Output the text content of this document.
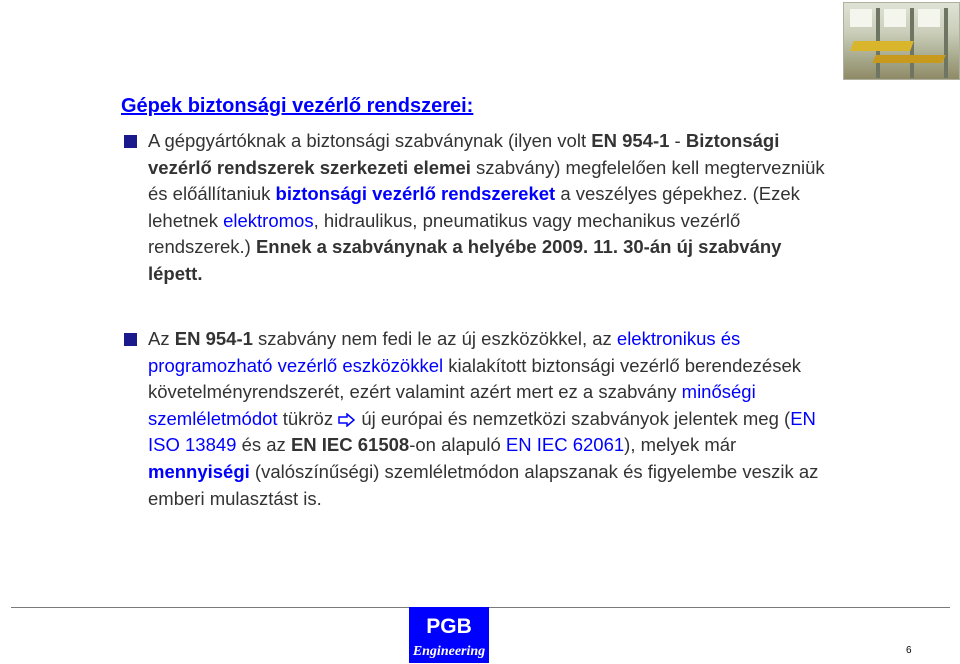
Gépek biztonsági vezérlő rendszerei:
A gépgyártóknak a biztonsági szabványnak (ilyen volt EN 954-1 - Biztonsági vezérlő rendszerek szerkezeti elemei szabvány) megfelelően kell megtervezniük és előállítaniuk biztonsági vezérlő rendszereket a veszélyes gépekhez. (Ezek lehetnek elektromos, hidraulikus, pneumatikus vagy mechanikus vezérlő rendszerek.) Ennek a szabványnak a helyébe 2009. 11. 30-án új szabvány lépett.
Az EN 954-1 szabvány nem fedi le az új eszközökkel, az elektronikus és programozható vezérlő eszközökkel kialakított biztonsági vezérlő berendezések követelményrendszerét, ezért valamint azért mert ez a szabvány minőségi szemléletmódot tükröz  új európai és nemzetközi szabványok jelentek meg (EN ISO 13849 és az EN IEC 61508-on alapuló EN IEC 62061), melyek már mennyiségi (valószínűségi) szemléletmódon alapszanak és figyelembe veszik az emberi mulasztást is.
PGB
Engineering	6
